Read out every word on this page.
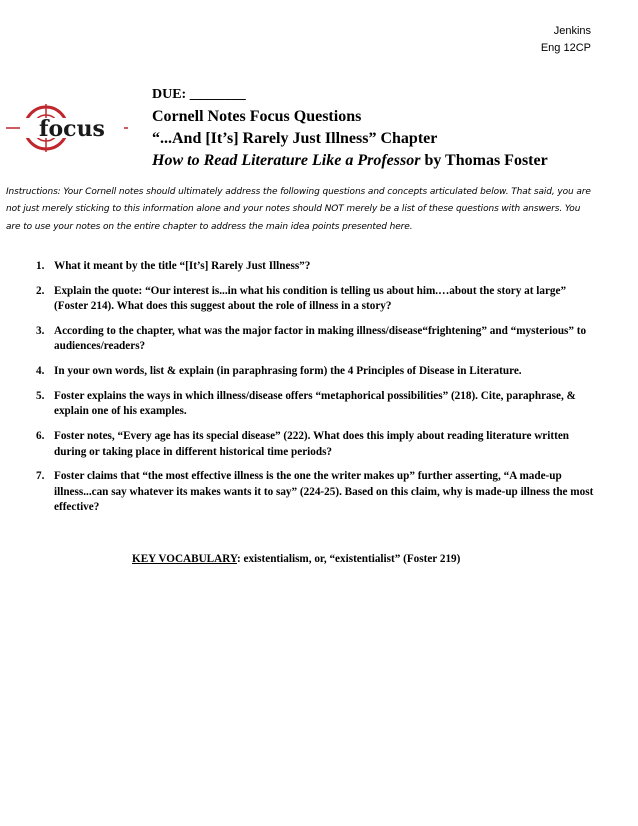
Jenkins
Eng 12CP
focus
DUE: ________
Cornell Notes Focus Questions
“...And [It’s] Rarely Just Illness” Chapter
How to Read Literature Like a Professor by Thomas Foster
Instructions: Your Cornell notes should ultimately address the following questions and concepts articulated below. That said, you are not just merely sticking to this information alone and your notes should NOT merely be a list of these questions with answers. You are to use your notes on the entire chapter to address the main idea points presented here.
1. What it meant by the title “[It’s] Rarely Just Illness”?
2. Explain the quote: “Our interest is...in what his condition is telling us about him.…about the story at large” (Foster 214). What does this suggest about the role of illness in a story?
3. According to the chapter, what was the major factor in making illness/disease“frightening” and “mysterious” to audiences/readers?
4. In your own words, list & explain (in paraphrasing form) the 4 Principles of Disease in Literature.
5. Foster explains the ways in which illness/disease offers “metaphorical possibilities” (218). Cite, paraphrase, & explain one of his examples.
6. Foster notes, “Every age has its special disease” (222). What does this imply about reading literature written during or taking place in different historical time periods?
7. Foster claims that “the most effective illness is the one the writer makes up” further asserting, “A made-up illness...can say whatever its makes wants it to say” (224-25). Based on this claim, why is made-up illness the most effective?
KEY VOCABULARY: existentialism, or, “existentialist” (Foster 219)
